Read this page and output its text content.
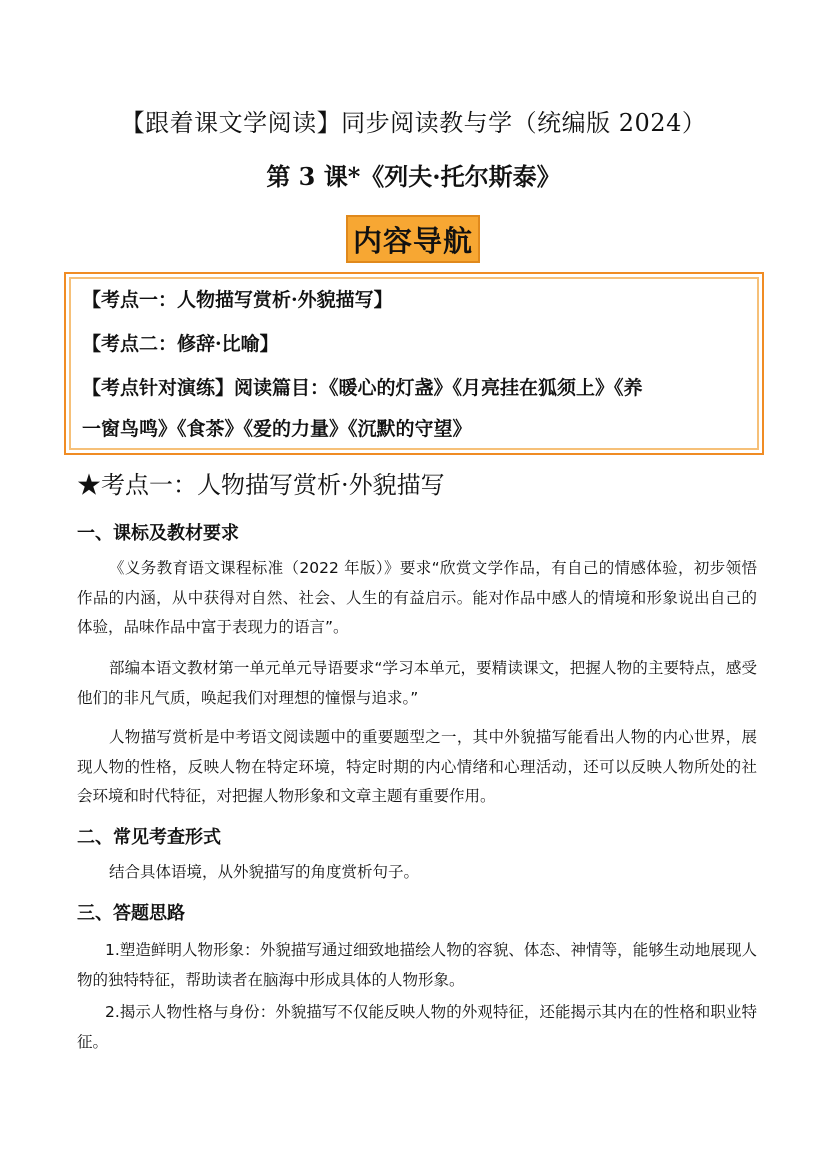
【跟着课文学阅读】同步阅读教与学（统编版 2024）
第 3 课*《列夫·托尔斯泰》
内容导航
【考点一：人物描写赏析·外貌描写】
【考点二：修辞·比喻】
【考点针对演练】阅读篇目：《暖心的灯盏》《月亮挂在狐须上》《养
一窗鸟鸣》《食茶》《爱的力量》《沉默的守望》
★考点一：人物描写赏析·外貌描写
一、课标及教材要求
《义务教育语文课程标准（2022 年版）》要求“欣赏文学作品，有自己的情感体验，初步领悟作品的内涵，从中获得对自然、社会、人生的有益启示。能对作品中感人的情境和形象说出自己的体验，品味作品中富于表现力的语言”。
部编本语文教材第一单元单元导语要求“学习本单元，要精读课文，把握人物的主要特点，感受他们的非凡气质，唤起我们对理想的憧憬与追求。”
人物描写赏析是中考语文阅读题中的重要题型之一，其中外貌描写能看出人物的内心世界，展现人物的性格，反映人物在特定环境，特定时期的内心情绪和心理活动，还可以反映人物所处的社会环境和时代特征，对把握人物形象和文章主题有重要作用。
二、常见考查形式
结合具体语境，从外貌描写的角度赏析句子。
三、答题思路
1.塑造鲜明人物形象：外貌描写通过细致地描绘人物的容貌、体态、神情等，能够生动地展现人物的独特特征，帮助读者在脑海中形成具体的人物形象。
2.揭示人物性格与身份：外貌描写不仅能反映人物的外观特征，还能揭示其内在的性格和职业特征。
